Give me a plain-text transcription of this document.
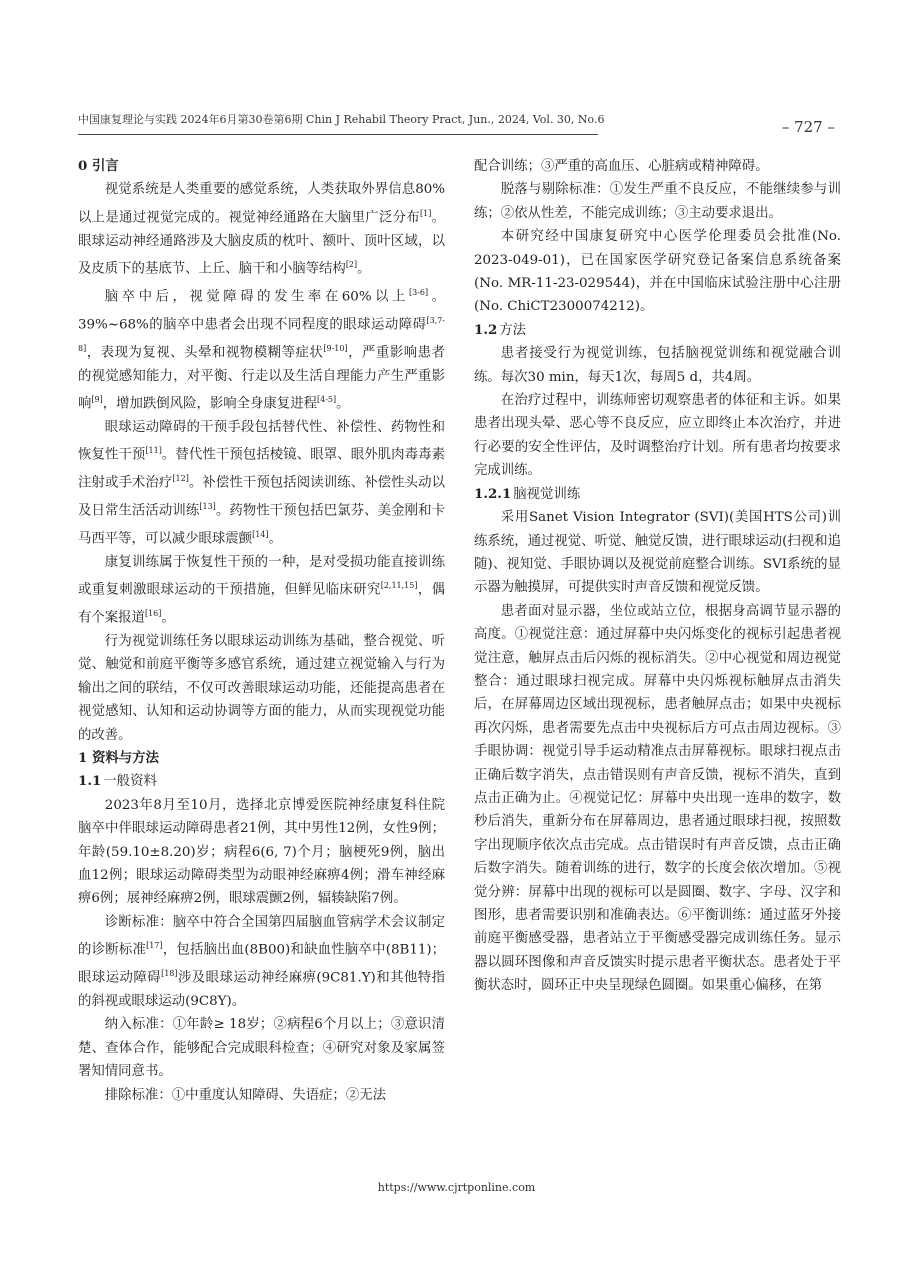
中国康复理论与实践 2024年6月第30卷第6期 Chin J Rehabil Theory Pract, Jun., 2024, Vol. 30, No.6	– 727 –
0 引言

视觉系统是人类重要的感觉系统，人类获取外界信息80%以上是通过视觉完成的。视觉神经通路在大脑里广泛分布[1]。眼球运动神经通路涉及大脑皮质的枕叶、额叶、顶叶区域，以及皮质下的基底节、上丘、脑干和小脑等结构[2]。

脑卒中后，视觉障碍的发生率在60%以上[3-6]。39%~68%的脑卒中患者会出现不同程度的眼球运动障碍[3,7-8]，表现为复视、头晕和视物模糊等症状[9-10]，严重影响患者的视觉感知能力，对平衡、行走以及生活自理能力产生严重影响[9]，增加跌倒风险，影响全身康复进程[4-5]。

眼球运动障碍的干预手段包括替代性、补偿性、药物性和恢复性干预[11]。替代性干预包括棱镜、眼罩、眼外肌肉毒毒素注射或手术治疗[12]。补偿性干预包括阅读训练、补偿性头动以及日常生活活动训练[13]。药物性干预包括巴氯芬、美金刚和卡马西平等，可以减少眼球震颤[14]。

康复训练属于恢复性干预的一种，是对受损功能直接训练或重复刺激眼球运动的干预措施，但鲜见临床研究[2,11,15]，偶有个案报道[16]。

行为视觉训练任务以眼球运动训练为基础，整合视觉、听觉、触觉和前庭平衡等多感官系统，通过建立视觉输入与行为输出之间的联结，不仅可改善眼球运动功能，还能提高患者在视觉感知、认知和运动协调等方面的能力，从而实现视觉功能的改善。

1 资料与方法
1.1 一般资料

2023年8月至10月，选择北京博爱医院神经康复科住院脑卒中伴眼球运动障碍患者21例，其中男性12例，女性9例；年龄(59.10±8.20)岁；病程6(6, 7)个月；脑梗死9例，脑出血12例；眼球运动障碍类型为动眼神经麻痹4例；滑车神经麻痹6例；展神经麻痹2例，眼球震颤2例，辐辏缺陷7例。

诊断标准：脑卒中符合全国第四届脑血管病学术会议制定的诊断标准[17]，包括脑出血(8B00)和缺血性脑卒中(8B11)；眼球运动障碍[18]涉及眼球运动神经麻痹(9C81.Y)和其他特指的斜视或眼球运动(9C8Y)。

纳入标准：①年龄≥ 18岁；②病程6个月以上；③意识清楚、查体合作，能够配合完成眼科检查；④研究对象及家属签署知情同意书。

排除标准：①中重度认知障碍、失语症；②无法

配合训练；③严重的高血压、心脏病或精神障碍。

脱落与剔除标准：①发生严重不良反应，不能继续参与训练；②依从性差，不能完成训练；③主动要求退出。

本研究经中国康复研究中心医学伦理委员会批准(No. 2023-049-01)，已在国家医学研究登记备案信息系统备案(No. MR-11-23-029544)，并在中国临床试验注册中心注册(No. ChiCT2300074212)。

1.2 方法

患者接受行为视觉训练，包括脑视觉训练和视觉融合训练。每次30 min，每天1次，每周5 d，共4周。

在治疗过程中，训练师密切观察患者的体征和主诉。如果患者出现头晕、恶心等不良反应，应立即终止本次治疗，并进行必要的安全性评估，及时调整治疗计划。所有患者均按要求完成训练。

1.2.1 脑视觉训练

采用Sanet Vision Integrator (SVI)(美国HTS公司)训练系统，通过视觉、听觉、触觉反馈，进行眼球运动(扫视和追随)、视知觉、手眼协调以及视觉前庭整合训练。SVI系统的显示器为触摸屏，可提供实时声音反馈和视觉反馈。

患者面对显示器，坐位或站立位，根据身高调节显示器的高度。①视觉注意：通过屏幕中央闪烁变化的视标引起患者视觉注意，触屏点击后闪烁的视标消失。②中心视觉和周边视觉整合：通过眼球扫视完成。屏幕中央闪烁视标触屏点击消失后，在屏幕周边区域出现视标，患者触屏点击；如果中央视标再次闪烁，患者需要先点击中央视标后方可点击周边视标。③手眼协调：视觉引导手运动精准点击屏幕视标。眼球扫视点击正确后数字消失，点击错误则有声音反馈，视标不消失，直到点击正确为止。④视觉记忆：屏幕中央出现一连串的数字，数秒后消失，重新分布在屏幕周边，患者通过眼球扫视，按照数字出现顺序依次点击完成。点击错误时有声音反馈，点击正确后数字消失。随着训练的进行，数字的长度会依次增加。⑤视觉分辨：屏幕中出现的视标可以是圆圈、数字、字母、汉字和图形，患者需要识别和准确表达。⑥平衡训练：通过蓝牙外接前庭平衡感受器，患者站立于平衡感受器完成训练任务。显示器以圆环图像和声音反馈实时提示患者平衡状态。患者处于平衡状态时，圆环正中央呈现绿色圆圈。如果重心偏移，在第

https://www.cjrtponline.com
